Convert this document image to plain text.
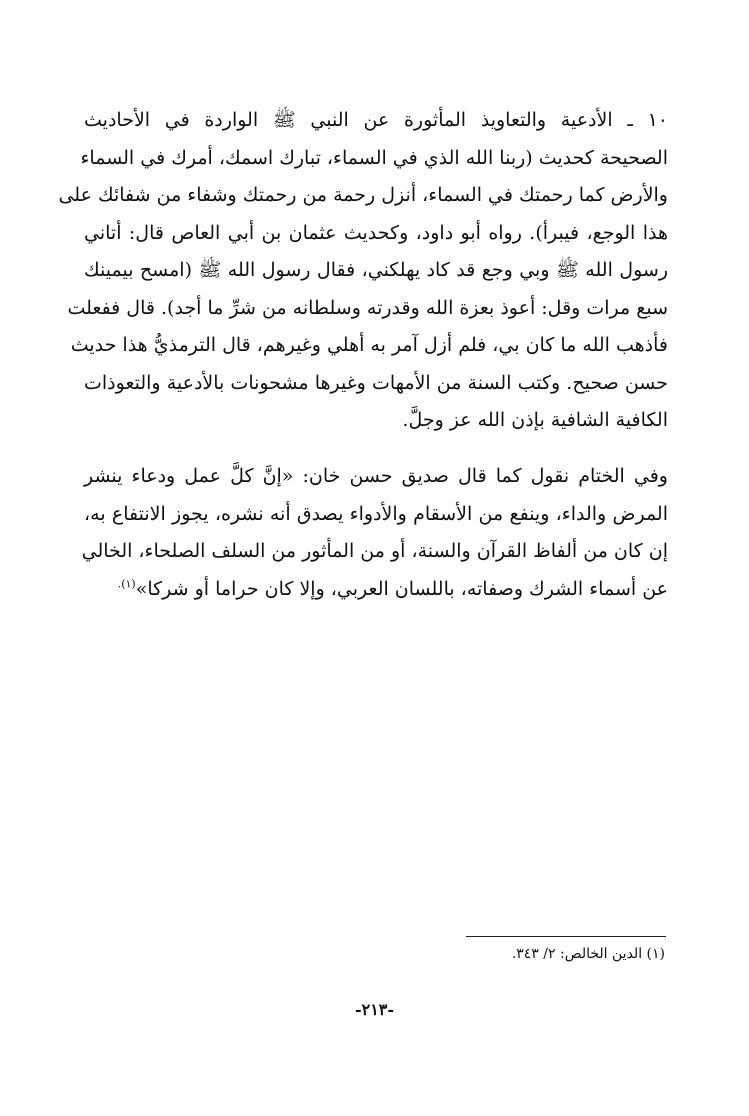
١٠ ـ الأدعية والتعاويذ المأثورة عن النبي ﷺ الواردة في الأحاديث
الصحيحة كحديث (ربنا الله الذي في السماء، تبارك اسمك، أمرك في السماء
والأرض كما رحمتك في السماء، أنزل رحمة من رحمتك وشفاء من شفائك على
هذا الوجع، فيبرأ). رواه أبو داود، وكحديث عثمان بن أبي العاص قال: أتاني
رسول الله ﷺ وبي وجع قد كاد يهلكني، فقال رسول الله ﷺ (امسح بيمينك
سبع مرات وقل: أعوذ بعزة الله وقدرته وسلطانه من شرِّ ما أجد). قال ففعلت
فأذهب الله ما كان بي، فلم أزل آمر به أهلي وغيرهم، قال الترمذيُّ هذا حديث
حسن صحيح. وكتب السنة من الأمهات وغيرها مشحونات بالأدعية والتعوذات
الكافية الشافية بإذن الله عز وجلَّ.
وفي الختام نقول كما قال صديق حسن خان: «إنَّ كلَّ عمل ودعاء ينشر
المرض والداء، وينفع من الأسقام والأدواء يصدق أنه نشره، يجوز الانتفاع به،
إن كان من ألفاظ القرآن والسنة، أو من المأثور من السلف الصلحاء، الخالي
عن أسماء الشرك وصفاته، باللسان العربي، وإلا كان حراما أو شركا»$^{(١).}$
(١) الدين الخالص: ٢/ ٣٤٣.
-٢١٣-
